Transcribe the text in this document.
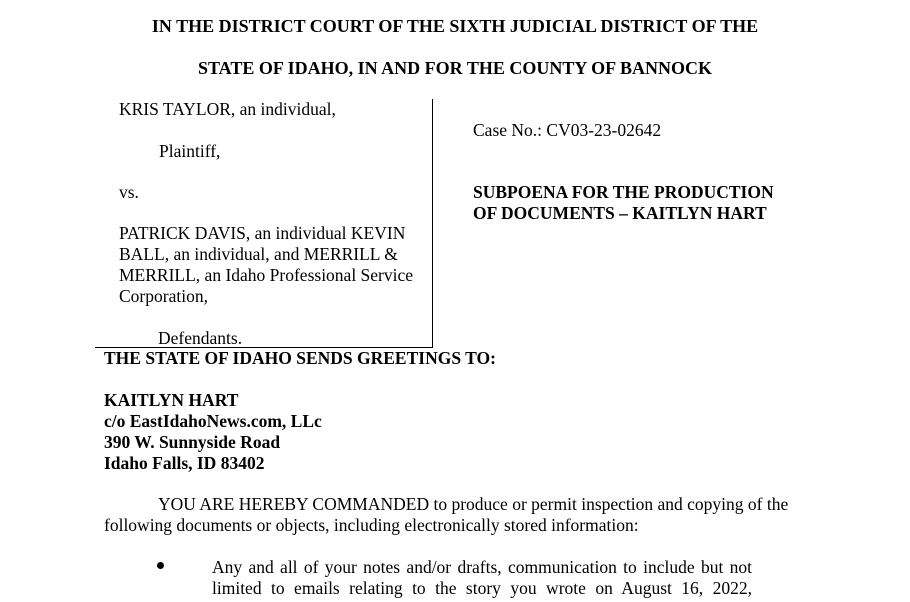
IN THE DISTRICT COURT OF THE SIXTH JUDICIAL DISTRICT OF THE
STATE OF IDAHO, IN AND FOR THE COUNTY OF BANNOCK
KRIS TAYLOR, an individual,
Plaintiff,
vs.
PATRICK DAVIS, an individual KEVIN
BALL, an individual, and MERRILL &
MERRILL, an Idaho Professional Service
Corporation,
Defendants.
Case No.: CV03-23-02642
SUBPOENA FOR THE PRODUCTION
OF DOCUMENTS – KAITLYN HART
THE STATE OF IDAHO SENDS GREETINGS TO:
KAITLYN HART
c/o EastIdahoNews.com, LLc
390 W. Sunnyside Road
Idaho Falls, ID 83402
YOU ARE HEREBY COMMANDED to produce or permit inspection and copying of the
following documents or objects, including electronically stored information:
Any and all of your notes and/or drafts, communication to include but not
limited to emails relating to the story you wrote on August 16, 2022,
